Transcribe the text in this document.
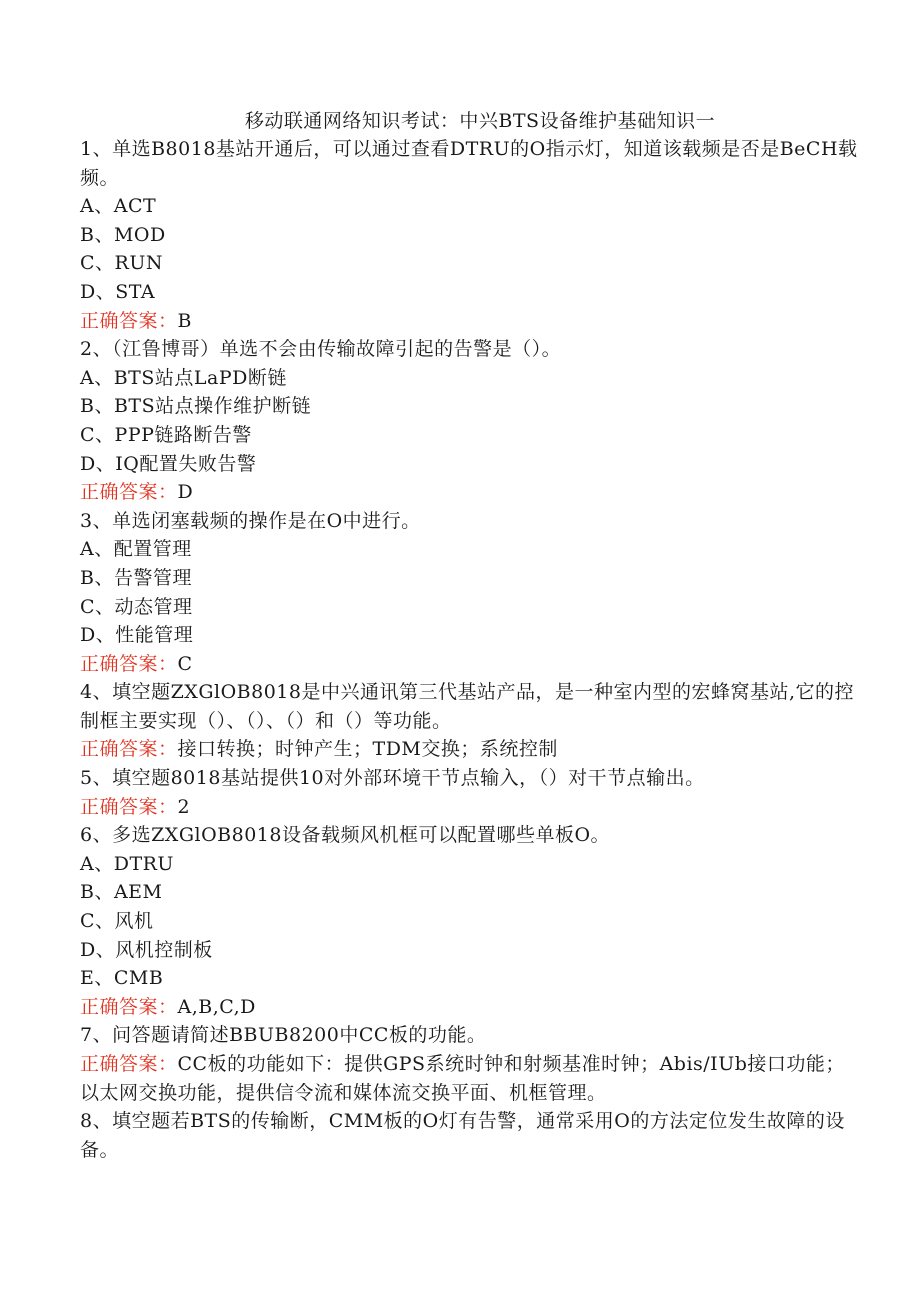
移动联通网络知识考试：中兴BTS设备维护基础知识一

1、单选B8018基站开通后，可以通过查看DTRU的O指示灯，知道该载频是否是BeCH载频。

A、ACT

B、MOD

C、RUN

D、STA

正确答案：B

2、（江鲁博哥）单选不会由传输故障引起的告警是（）。

A、BTS站点LaPD断链

B、BTS站点操作维护断链

C、PPP链路断告警

D、IQ配置失败告警

正确答案：D

3、单选闭塞载频的操作是在O中进行。

A、配置管理

B、告警管理

C、动态管理

D、性能管理

正确答案：C

4、填空题ZXGlOB8018是中兴通讯第三代基站产品，是一种室内型的宏蜂窝基站,它的控制框主要实现（）、（）、（）和（）等功能。

正确答案：接口转换；时钟产生；TDM交换；系统控制

5、填空题8018基站提供10对外部环境干节点输入，（）对干节点输出。

正确答案：2

6、多选ZXGlOB8018设备载频风机框可以配置哪些单板O。

A、DTRU

B、AEM

C、风机

D、风机控制板

E、CMB

正确答案：A,B,C,D

7、问答题请简述BBUB8200中CC板的功能。

正确答案：CC板的功能如下：提供GPS系统时钟和射频基准时钟；Abis/IUb接口功能；以太网交换功能，提供信令流和媒体流交换平面、机框管理。

8、填空题若BTS的传输断，CMM板的O灯有告警，通常采用O的方法定位发生故障的设备。
